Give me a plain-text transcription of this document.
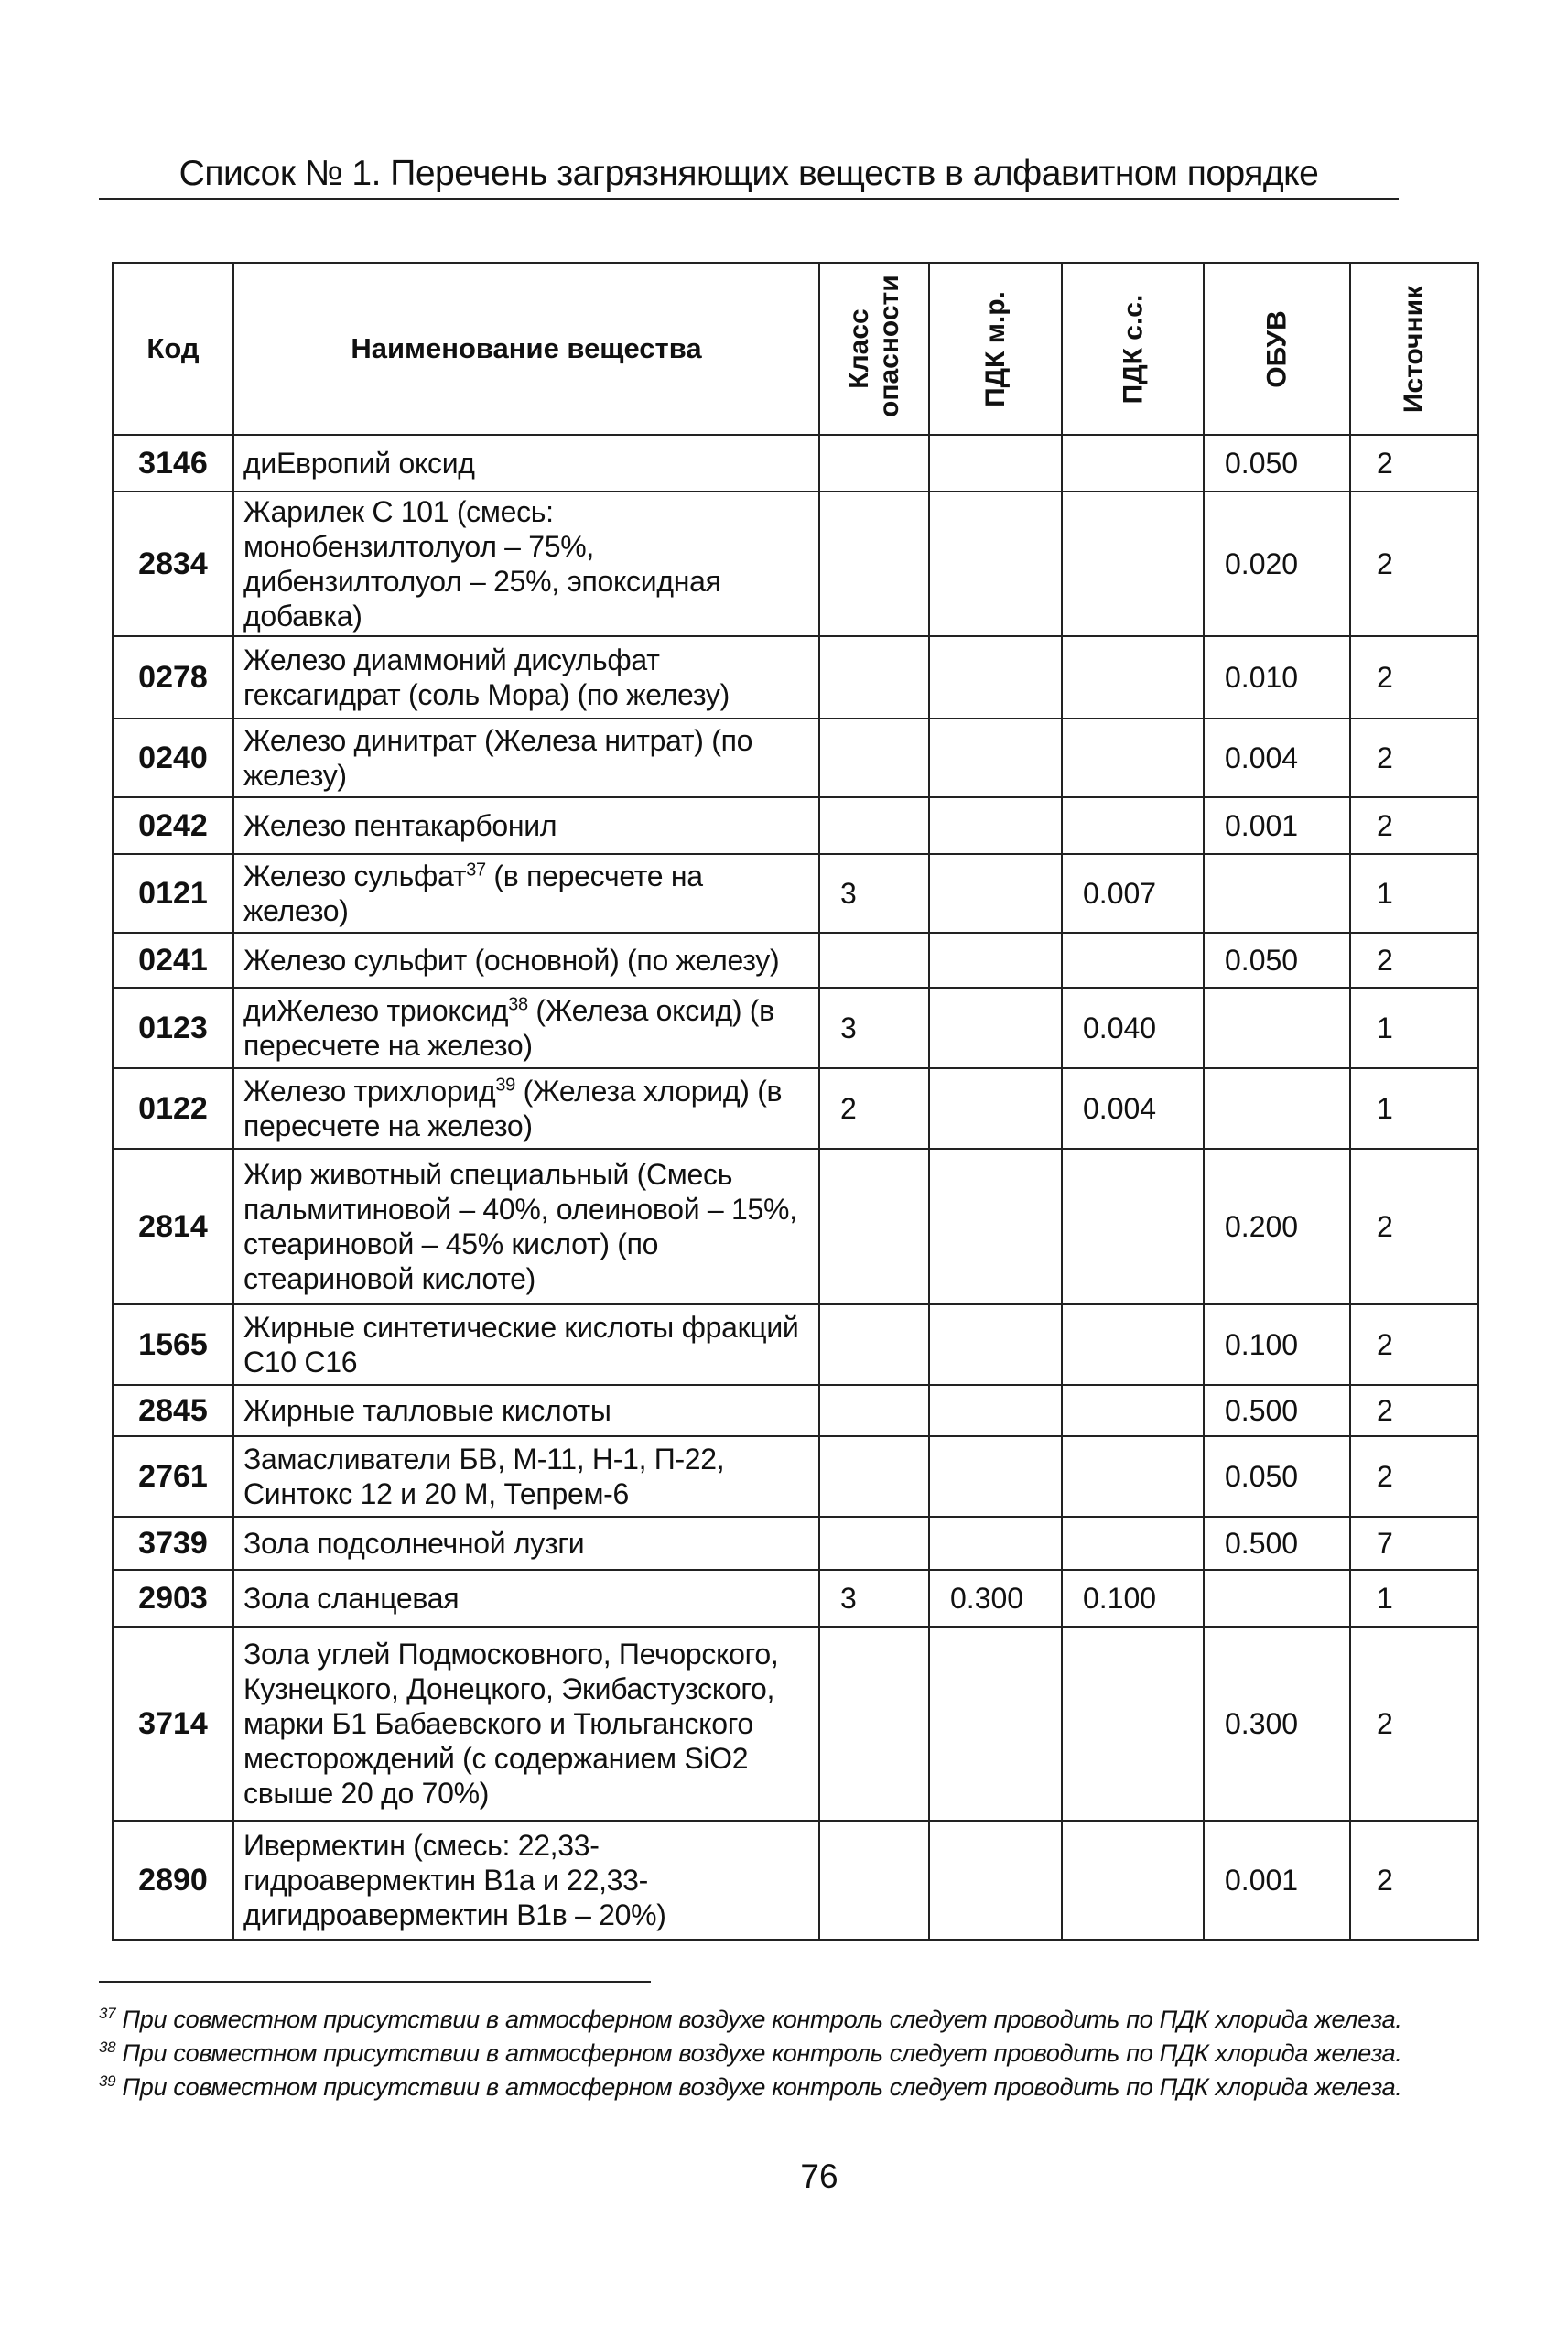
Список № 1. Перечень загрязняющих веществ в алфавитном порядке
Код	Наименование вещества	Класс опасности	ПДК м.р.	ПДК с.с.	ОБУВ	Источник

3146	диЕвропий оксид				0.050	2
2834	Жарилек С 101 (смесь: монобензилтолуол – 75%, дибензилтолуол – 25%, эпоксидная добавка)				0.020	2
0278	Железо диаммоний дисульфат гексагидрат (соль Мора) (по железу)				0.010	2
0240	Железо динитрат (Железа нитрат) (по железу)				0.004	2
0242	Железо пентакарбонил				0.001	2
0121	Железо сульфат$^{37}$ (в пересчете на железо)	3		0.007		1
0241	Железо сульфит (основной) (по железу)				0.050	2
0123	диЖелезо триоксид$^{38}$ (Железа оксид) (в пересчете на железо)	3		0.040		1
0122	Железо трихлорид$^{39}$ (Железа хлорид) (в пересчете на железо)	2		0.004		1
2814	Жир животный специальный (Смесь пальмитиновой – 40%, олеиновой – 15%, стеариновой – 45% кислот) (по стеариновой кислоте)				0.200	2
1565	Жирные синтетические кислоты фракций C10 C16				0.100	2
2845	Жирные талловые кислоты				0.500	2
2761	Замасливатели БВ, М-11, Н-1, П-22, Синтокс 12 и 20 М, Тепрем-6				0.050	2
3739	Зола подсолнечной лузги				0.500	7
2903	Зола сланцевая	3	0.300	0.100		1
3714	Зола углей Подмосковного, Печорского, Кузнецкого, Донецкого, Экибастузского, марки Б1 Бабаевского и Тюльганского месторождений (с содержанием SiO2 свыше 20 до 70%)				0.300	2
2890	Ивермектин (смесь: 22,33-гидроавермектин B1a и 22,33-дигидроавермектин B1в – 20%)				0.001	2
$^{37}$ При совместном присутствии в атмосферном воздухе контроль следует проводить по ПДК хлорида железа.
$^{38}$ При совместном присутствии в атмосферном воздухе контроль следует проводить по ПДК хлорида железа.
$^{39}$ При совместном присутствии в атмосферном воздухе контроль следует проводить по ПДК хлорида железа.
76
